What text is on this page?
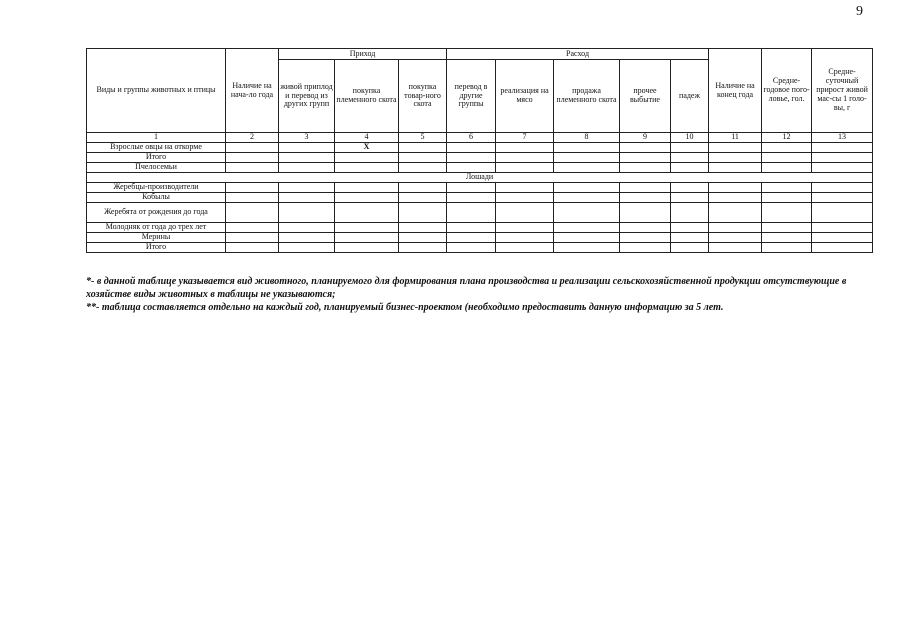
9
Виды и группы животных и птицы	Наличие на нача-ло года	Приход			Расход					Наличие на конец года	Средне-годовое пого-ловье, гол.	Средне-суточный прирост живой мас-сы 1 голо-вы, г
		живой приплод и перевод из других групп	покупка племенного скота	покупка товар-ного скота	перевод в другие группы	реализация на мясо	продажа племенного скота	прочее выбытие	падеж			
1	2	3	4	5	6	7	8	9	10	11	12	13
Взрослые овцы на откорме			Х									
Итого												
Пчелосемьи												
Лошади												
Жеребцы-производители												
Кобылы												
Жеребята от рождения до года												
Молодняк от года до трех лет												
Мерины												
Итого												

*- в данной таблице указывается вид животного, планируемого для формирования плана производства и реализации сельскохозяйственной продукции отсутствующие в хозяйстве виды животных в таблицы не указываются;

**- таблица составляется отдельно на каждый год, планируемый бизнес-проектом (необходимо предоставить данную информацию за 5 лет.
